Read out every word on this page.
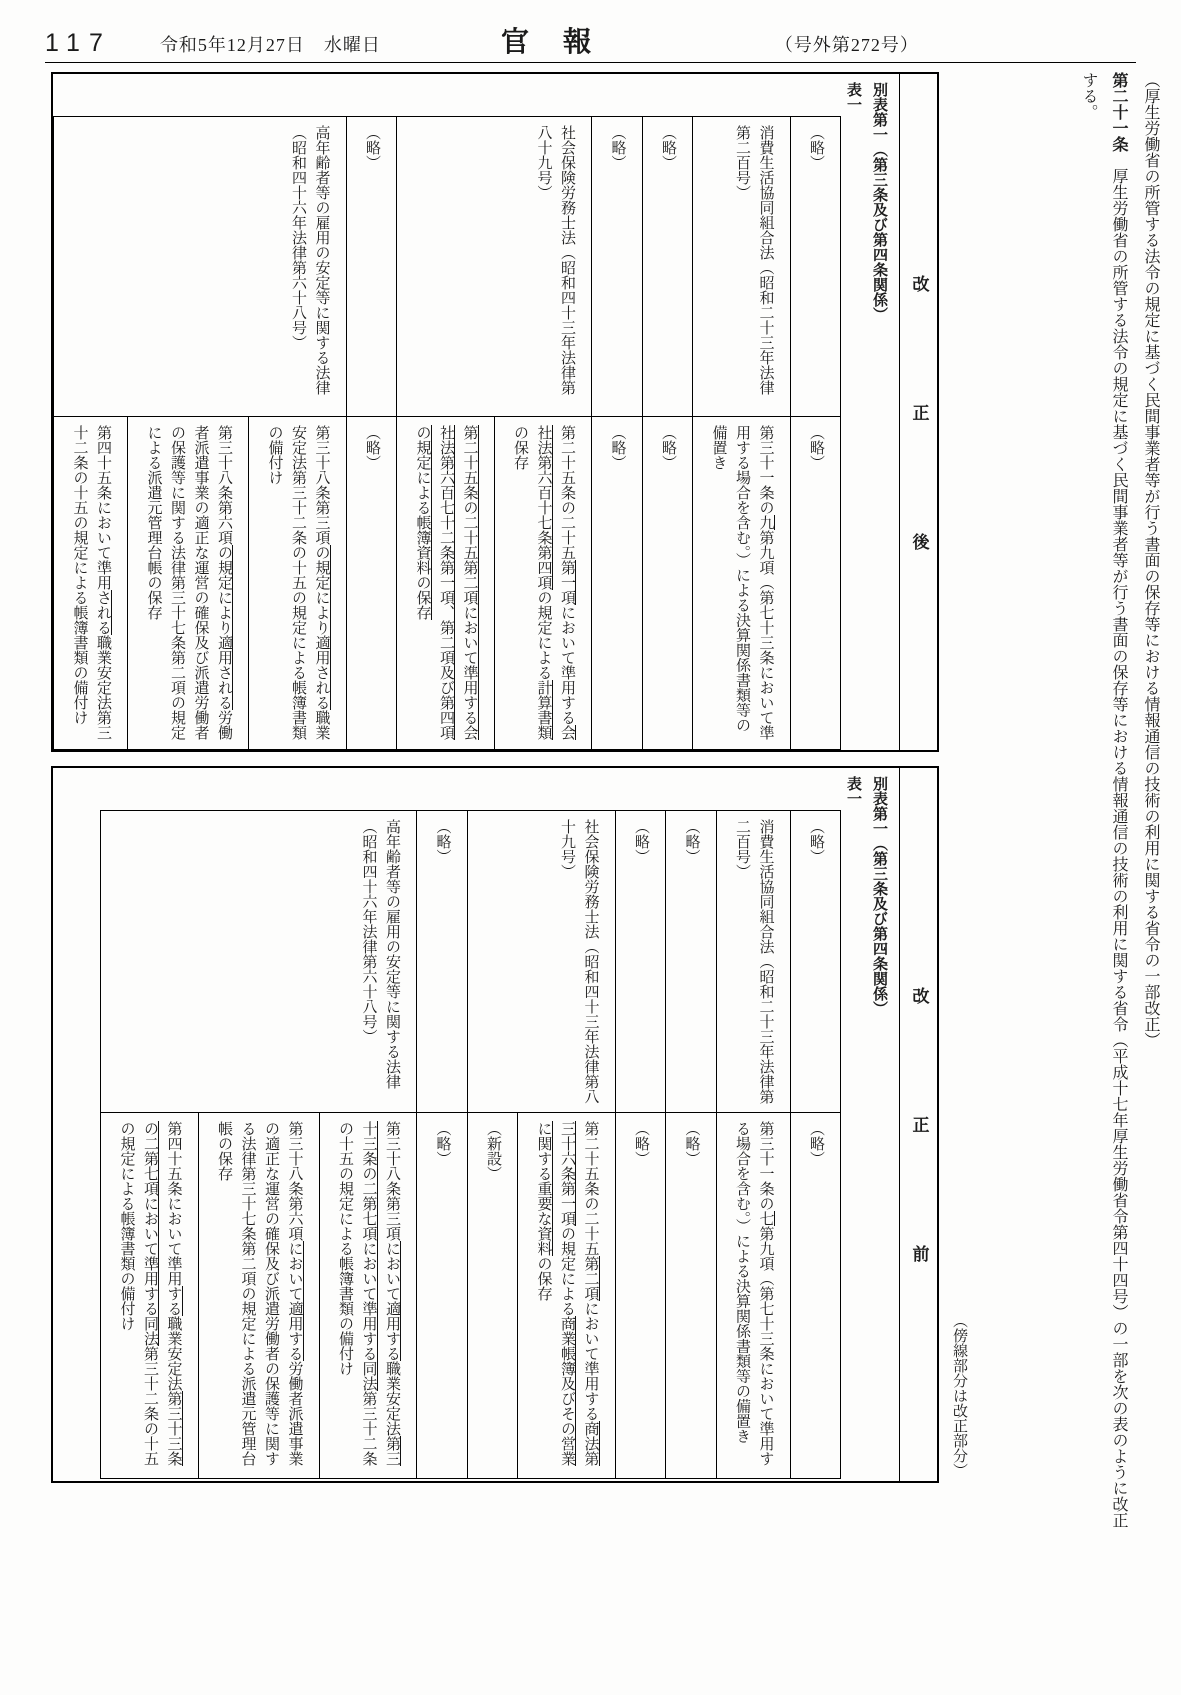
117	令和5年12月27日　水曜日	官報	（号外第272号）
（厚生労働省の所管する法令の規定に基づく民間事業者等が行う書面の保存等における情報通信の技術の利用に関する省令の一部改正）
第二十一条　厚生労働省の所管する法令の規定に基づく民間事業者等が行う書面の保存等における情報通信の技術の利用に関する省令（平成十七年厚生労働省令第四十四号）の一部を次の表のように改正する。
（傍線部分は改正部分）
改
正
後
別表第一（第三条及び第四条関係）
表一
（略）	（略）
消費生活協同組合法（昭和二十三年法律第二百号）	第三十一条の九第九項（第七十三条において準用する場合を含む。）による決算関係書類等の備置き
（略）	（略）
（略）	（略）
社会保険労務士法（昭和四十三年法律第八十九号）	第二十五条の二十五第一項において準用する会社法第六百十七条第四項の規定による計算書類の保存
第二十五条の二十五第二項において準用する会社法第六百七十二条第一項、第二項及び第四項の規定による帳簿資料の保存
（略）	（略）
高年齢者等の雇用の安定等に関する法律（昭和四十六年法律第六十八号）	第三十八条第三項の規定により適用される職業安定法第三十二条の十五の規定による帳簿書類の備付け
第三十八条第六項の規定により適用される労働者派遣事業の適正な運営の確保及び派遣労働者の保護等に関する法律第三十七条第二項の規定による派遣元管理台帳の保存
第四十五条において準用される職業安定法第三十二条の十五の規定による帳簿書類の備付け
改
正
前
別表第一（第三条及び第四条関係）
表一
（略）	（略）
消費生活協同組合法（昭和二十三年法律第二百号）	第三十一条の七第九項（第七十三条において準用する場合を含む。）による決算関係書類等の備置き
（略）	（略）
（略）	（略）
社会保険労務士法（昭和四十三年法律第八十九号）	第二十五条の二十五第二項において準用する商法第三十六条第一項の規定による商業帳簿及びその営業に関する重要な資料の保存
（新設）
（略）	（略）
高年齢者等の雇用の安定等に関する法律（昭和四十六年法律第六十八号）	第三十八条第三項において適用する職業安定法第三十三条の二第七項において準用する同法第三十二条の十五の規定による帳簿書類の備付け
第三十八条第六項において適用する労働者派遣事業の適正な運営の確保及び派遣労働者の保護等に関する法律第三十七条第二項の規定による派遣元管理台帳の保存
第四十五条において準用する職業安定法第三十三条の二第七項において準用する同法第三十二条の十五の規定による帳簿書類の備付け
